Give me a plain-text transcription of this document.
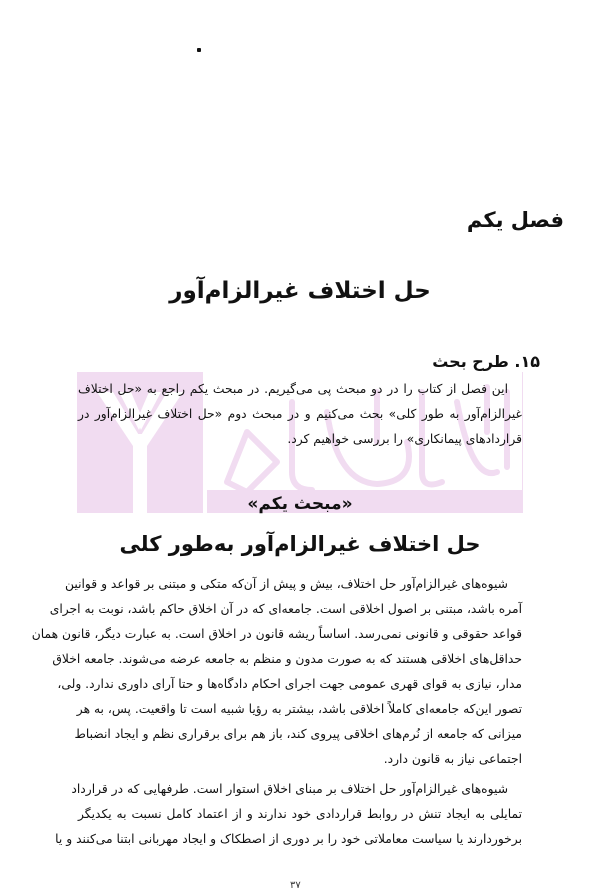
فصل یکم
حل اختلاف غیرالزام‌آور
۱۵. طرح بحث
این فصل از کتاب را در دو مبحث پی می‌گیریم. در مبحث یکم راجع به «حل اختلاف
غیرالزام‌آور به طور کلی» بحث می‌کنیم و در مبحث دوم «حل اختلاف غیرالزام‌آور در
قراردادهای پیمانکاری» را بررسی خواهیم کرد.
«مبحث یکم»
حل اختلاف غیرالزام‌آور به‌طور کلی
شیوه‌های غیرالزام‌آور حل اختلاف، بیش و پیش از آن‌که متکی و مبتنی بر قواعد و قوانین
آمره باشد، مبتنی بر اصول اخلاقی است. جامعه‌ای که در آن اخلاق حاکم باشد، نوبت به اجرای
قواعد حقوقی و قانونی نمی‌رسد. اساساً ریشه قانون در اخلاق است. به عبارت دیگر، قانون همان
حداقل‌های اخلاقی هستند که به صورت مدون و منظم به جامعه عرضه می‌شوند. جامعه اخلاق
مدار، نیازی به قوای قهری عمومی جهت اجرای احکام دادگاه‌ها و حتا آرای داوری ندارد. ولی،
تصور این‌که جامعه‌ای کاملاً اخلاقی باشد، بیشتر به رؤیا شبیه است تا واقعیت. پس، به هر
میزانی که جامعه از نُرم‌های اخلاقی پیروی کند، باز هم برای برقراری نظم و ایجاد انضباط
اجتماعی نیاز به قانون دارد.
شیوه‌های غیرالزام‌آور حل اختلاف بر مبنای اخلاق استوار است. طرفهایی که در قرارداد
تمایلی به ایجاد تنش در روابط قراردادی خود ندارند و از اعتماد کامل نسبت به یکدیگر
برخوردارند یا سیاست معاملاتی خود را بر دوری از اصطکاک و ایجاد مهربانی ابتنا می‌کنند و یا
۳۷
